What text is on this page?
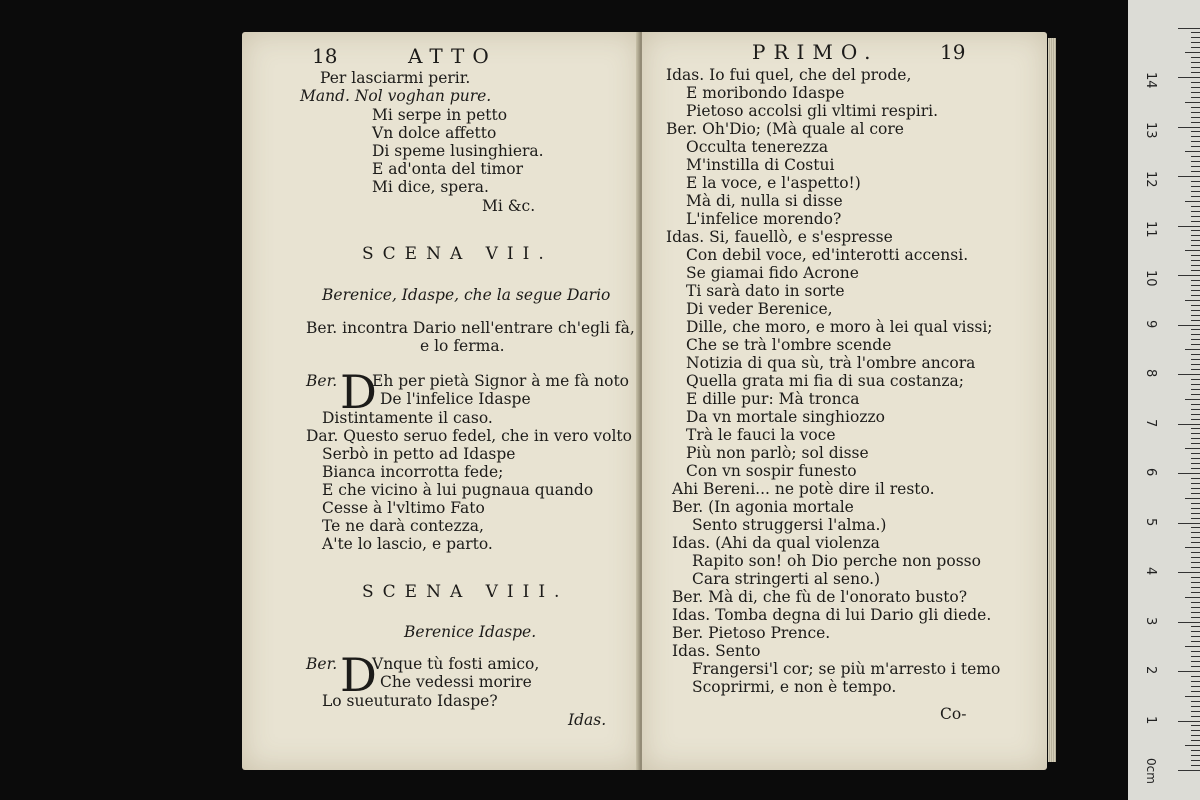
18	ATTO
Per lasciarmi perir.
Mand. Nol voghan pure.
Mi serpe in petto
Vn dolce affetto
Di speme lusinghiera.
E ad'onta del timor
Mi dice, spera.
Mi &c.
SCENA VII.
Berenice, Idaspe, che la segue Dario
Ber. incontra Dario nell'entrare ch'egli fà,
e lo ferma.
Ber. D
Eh per pietà Signor à me fà noto
De l'infelice Idaspe
Distintamente il caso.
Dar. Questo seruo fedel, che in vero volto
Serbò in petto ad Idaspe
Bianca incorrotta fede;
E che vicino à lui pugnaua quando
Cesse à l'vltimo Fato
Te ne darà contezza,
A'te lo lascio, e parto.
SCENA VIII.
Berenice Idaspe.
Ber. D
Vnque tù fosti amico,
Che vedessi morire
Lo sueuturato Idaspe?
Idas.
PRIMO.	19
Idas. Io fui quel, che del prode,
E moribondo Idaspe
Pietoso accolsi gli vltimi respiri.
Ber. Oh'Dio; (Mà quale al core
Occulta tenerezza
M'instilla di Costui
E la voce, e l'aspetto!)
Mà di, nulla si disse
L'infelice morendo?
Idas. Si, fauellò, e s'espresse
Con debil voce, ed'interotti accensi.
Se giamai fido Acrone
Ti sarà dato in sorte
Di veder Berenice,
Dille, che moro, e moro à lei qual vissi;
Che se trà l'ombre scende
Notizia di qua sù, trà l'ombre ancora
Quella grata mi fia di sua costanza;
E dille pur: Mà tronca
Da vn mortale singhiozzo
Trà le fauci la voce
Più non parlò; sol disse
Con vn sospir funesto
Ahi Bereni... ne potè dire il resto.
Ber. (In agonia mortale
Sento struggersi l'alma.)
Idas. (Ahi da qual violenza
Rapito son! oh Dio perche non posso
Cara stringerti al seno.)
Ber. Mà di, che fù de l'onorato busto?
Idas. Tomba degna di lui Dario gli diede.
Ber. Pietoso Prence.
Idas. Sento
Frangersi'l cor; se più m'arresto i temo
Scoprirmi, e non è tempo.
Co-
0cm
1
2
3
4
5
6
7
8
9
10
11
12
13
14
